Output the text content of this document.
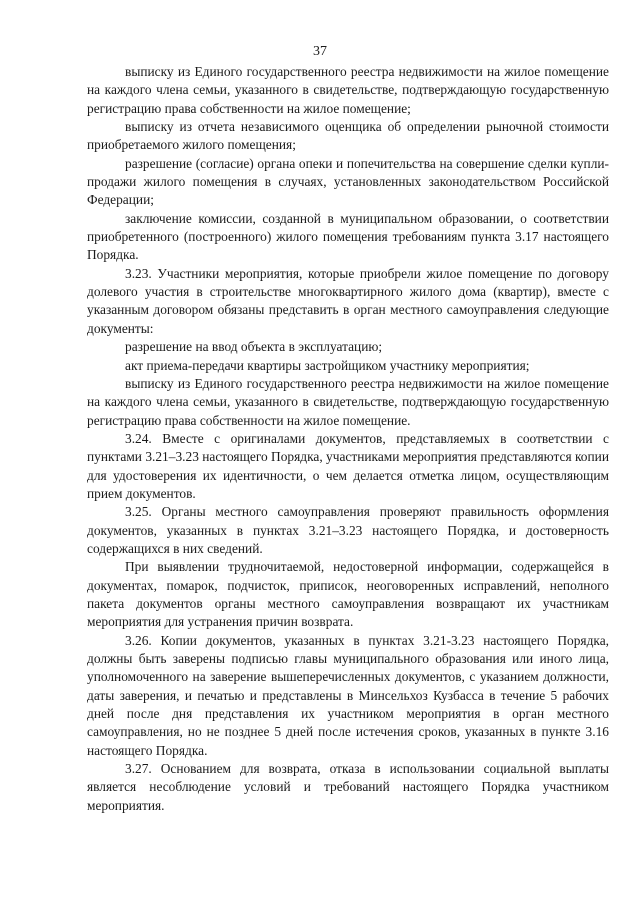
37

выписку из Единого государственного реестра недвижимости на жилое помещение на каждого члена семьи, указанного в свидетельстве, подтверждающую государственную регистрацию права собственности на жилое помещение;

выписку из отчета независимого оценщика об определении рыночной стоимости приобретаемого жилого помещения;

разрешение (согласие) органа опеки и попечительства на совершение сделки купли-продажи жилого помещения в случаях, установленных законодательством Российской Федерации;

заключение комиссии, созданной в муниципальном образовании, о соответствии приобретенного (построенного) жилого помещения требованиям пункта 3.17 настоящего Порядка.

3.23. Участники мероприятия, которые приобрели жилое помещение по договору долевого участия в строительстве многоквартирного жилого дома (квартир), вместе с указанным договором обязаны представить в орган местного самоуправления следующие документы:

разрешение на ввод объекта в эксплуатацию;

акт приема-передачи квартиры застройщиком участнику мероприятия;

выписку из Единого государственного реестра недвижимости на жилое помещение на каждого члена семьи, указанного в свидетельстве, подтверждающую государственную регистрацию права собственности на жилое помещение.

3.24. Вместе с оригиналами документов, представляемых в соответствии с пунктами 3.21–3.23 настоящего Порядка, участниками мероприятия представляются копии для удостоверения их идентичности, о чем делается отметка лицом, осуществляющим прием документов.

3.25. Органы местного самоуправления проверяют правильность оформления документов, указанных в пунктах 3.21–3.23 настоящего Порядка, и достоверность содержащихся в них сведений.

При выявлении трудночитаемой, недостоверной информации, содержащейся в документах, помарок, подчисток, приписок, неоговоренных исправлений, неполного пакета документов органы местного самоуправления возвращают их участникам мероприятия для устранения причин возврата.

3.26. Копии документов, указанных в пунктах 3.21-3.23 настоящего Порядка, должны быть заверены подписью главы муниципального образования или иного лица, уполномоченного на заверение вышеперечисленных документов, с указанием должности, даты заверения, и печатью и представлены в Минсельхоз Кузбасса в течение 5 рабочих дней после дня представления их участником мероприятия в орган местного самоуправления, но не позднее 5 дней после истечения сроков, указанных в пункте 3.16 настоящего Порядка.

3.27. Основанием для возврата, отказа в использовании социальной выплаты является несоблюдение условий и требований настоящего Порядка участником мероприятия.
